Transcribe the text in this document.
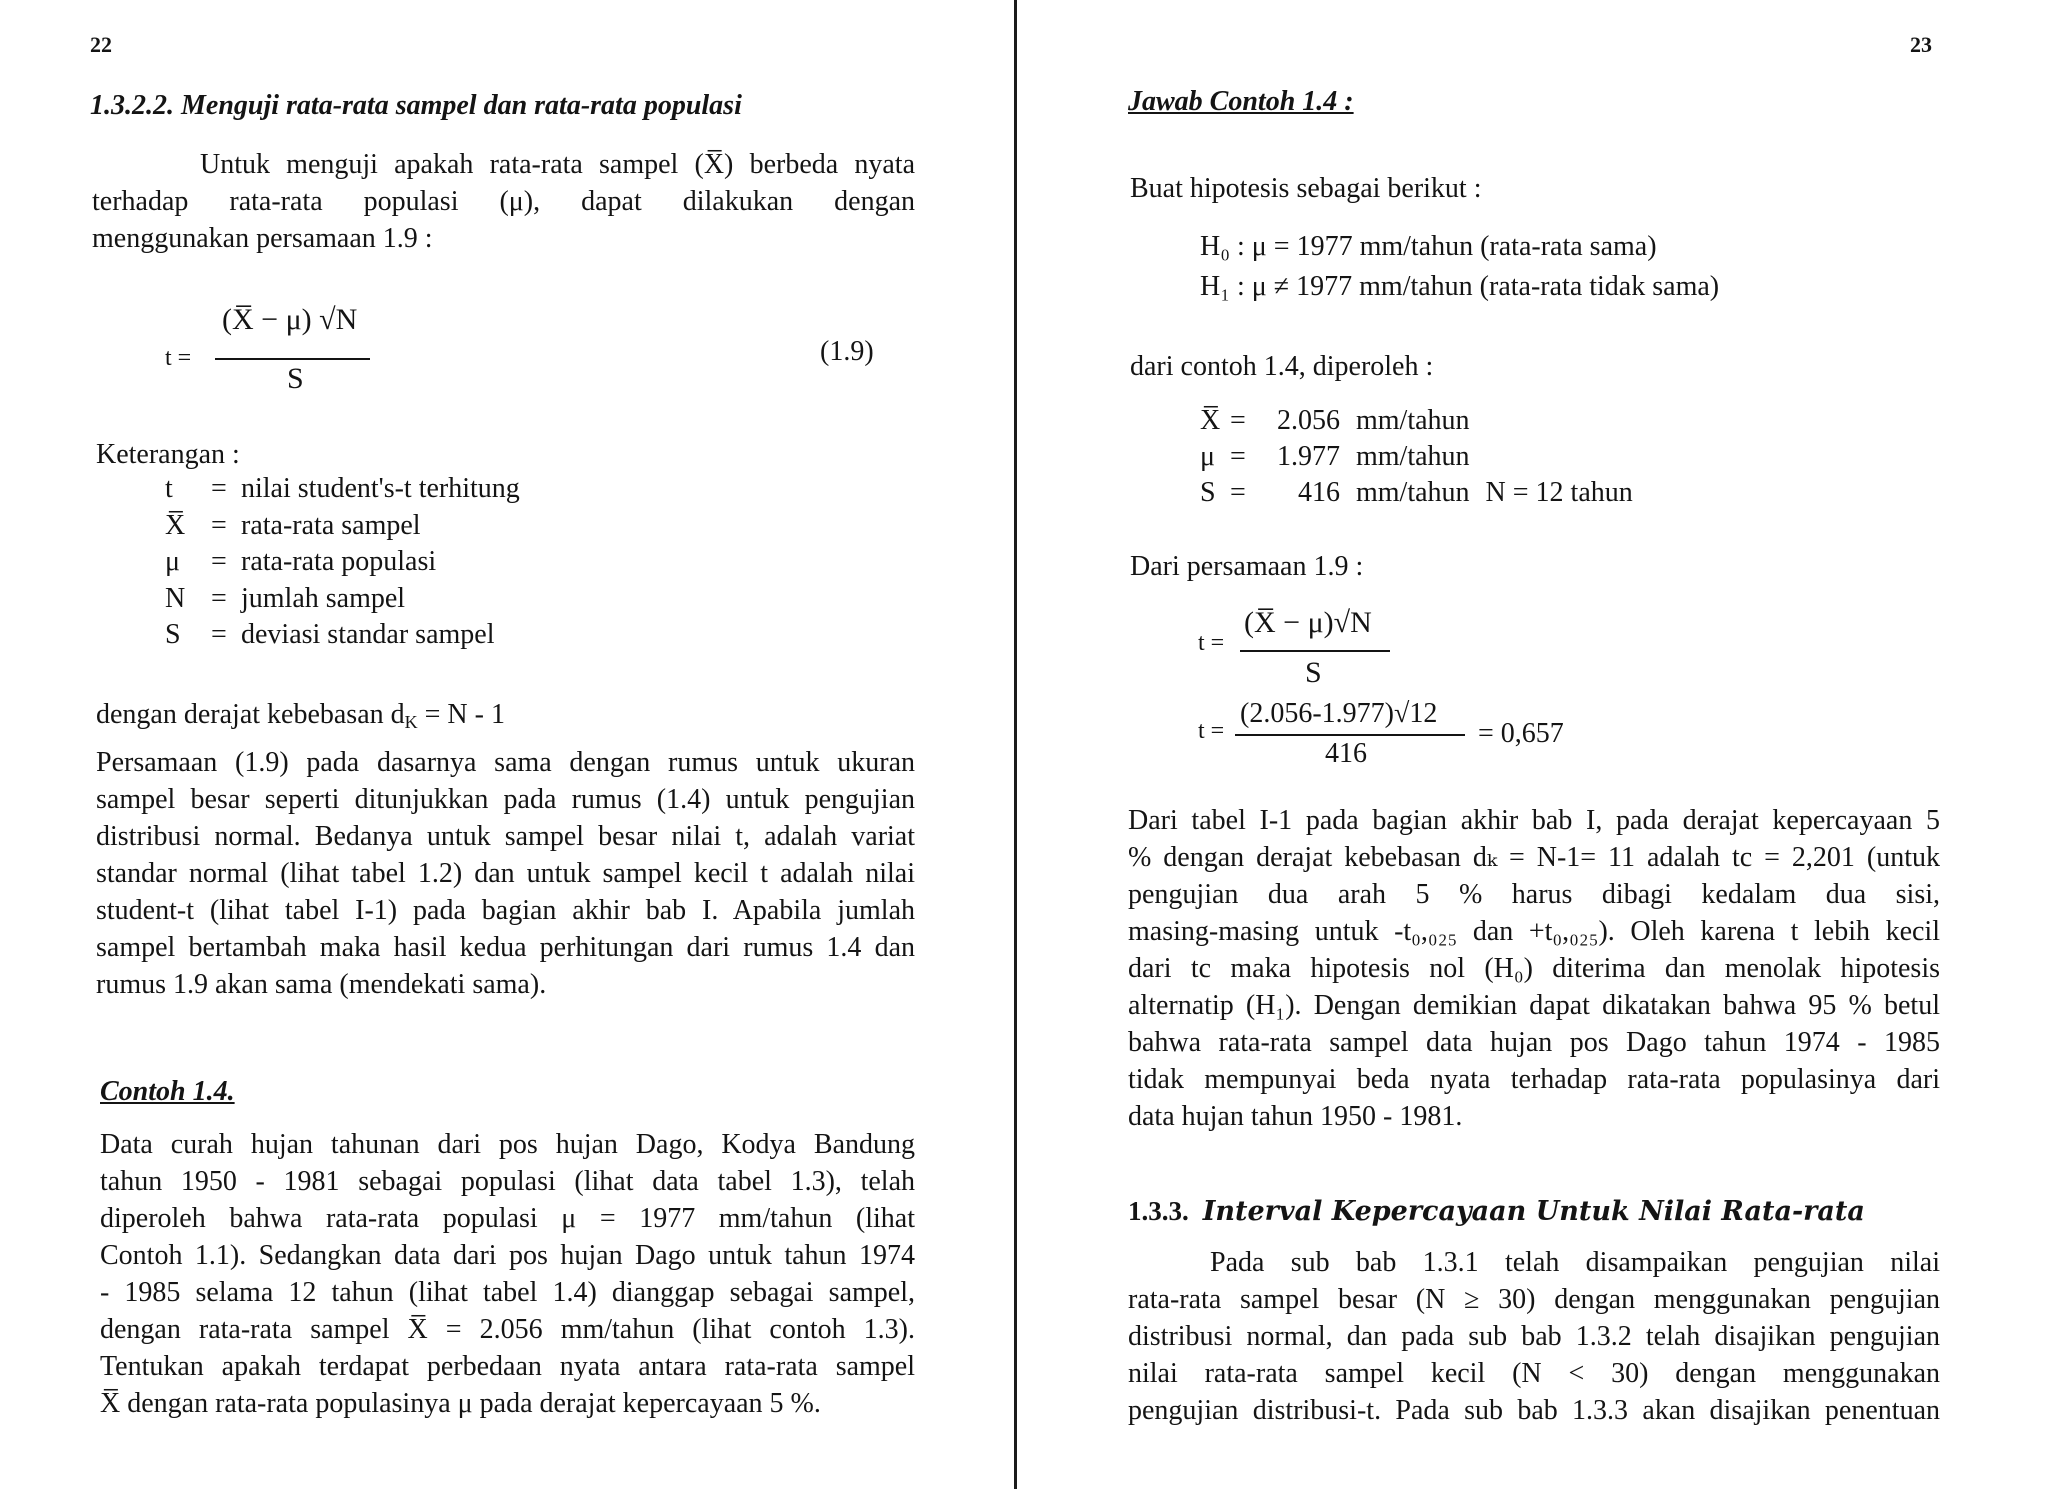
22
1.3.2.2. Menguji rata-rata sampel dan rata-rata populasi
Untuk menguji apakah rata-rata sampel (X̅) berbeda nyata
terhadap rata-rata populasi (μ), dapat dilakukan dengan
menggunakan persamaan 1.9 :
t =
(X̅ − μ) √N
S
(1.9)
Keterangan :
t = nilai student's-t terhitung
X̅ = rata-rata sampel
μ = rata-rata populasi
N = jumlah sampel
S = deviasi standar sampel
dengan derajat kebebasan $d_K = N - 1$
Persamaan (1.9) pada dasarnya sama dengan rumus untuk ukuran
sampel besar seperti ditunjukkan pada rumus (1.4) untuk pengujian
distribusi normal. Bedanya untuk sampel besar nilai t, adalah variat
standar normal (lihat tabel 1.2) dan untuk sampel kecil t adalah nilai
student-t (lihat tabel I-1) pada bagian akhir bab I. Apabila jumlah
sampel bertambah maka hasil kedua perhitungan dari rumus 1.4 dan
rumus 1.9 akan sama (mendekati sama).
Contoh 1.4.
Data curah hujan tahunan dari pos hujan Dago, Kodya Bandung
tahun 1950 - 1981 sebagai populasi (lihat data tabel 1.3), telah
diperoleh bahwa rata-rata populasi μ = 1977 mm/tahun (lihat
Contoh 1.1). Sedangkan data dari pos hujan Dago untuk tahun 1974
- 1985 selama 12 tahun (lihat tabel 1.4) dianggap sebagai sampel,
dengan rata-rata sampel X̅ = 2.056 mm/tahun (lihat contoh 1.3).
Tentukan apakah terdapat perbedaan nyata antara rata-rata sampel
X̅ dengan rata-rata populasinya μ pada derajat kepercayaan 5 %.
23
Jawab Contoh 1.4 :
Buat hipotesis sebagai berikut :
H₀ : μ = 1977 mm/tahun (rata-rata sama)
H₁ : μ ≠ 1977 mm/tahun (rata-rata tidak sama)
dari contoh 1.4, diperoleh :
X̅ = 2.056 mm/tahun
μ = 1.977 mm/tahun
S = 416 mm/tahun N = 12 tahun
Dari persamaan 1.9 :
t =
(X̅ − μ)√N
S
t =
(2.056-1.977)√12
416
= 0,657
Dari tabel I-1 pada bagian akhir bab I, pada derajat kepercayaan 5
% dengan derajat kebebasan dₖ = N-1= 11 adalah tc = 2,201 (untuk
pengujian dua arah 5 % harus dibagi kedalam dua sisi,
masing-masing untuk -t₀,₀₂₅ dan +t₀,₀₂₅). Oleh karena t lebih kecil
dari tc maka hipotesis nol (H₀) diterima dan menolak hipotesis
alternatip (H₁). Dengan demikian dapat dikatakan bahwa 95 % betul
bahwa rata-rata sampel data hujan pos Dago tahun 1974 - 1985
tidak mempunyai beda nyata terhadap rata-rata populasinya dari
data hujan tahun 1950 - 1981.
1.3.3. Interval Kepercayaan Untuk Nilai Rata-rata
Pada sub bab 1.3.1 telah disampaikan pengujian nilai
rata-rata sampel besar (N ≥ 30) dengan menggunakan pengujian
distribusi normal, dan pada sub bab 1.3.2 telah disajikan pengujian
nilai rata-rata sampel kecil (N < 30) dengan menggunakan
pengujian distribusi-t. Pada sub bab 1.3.3 akan disajikan penentuan
